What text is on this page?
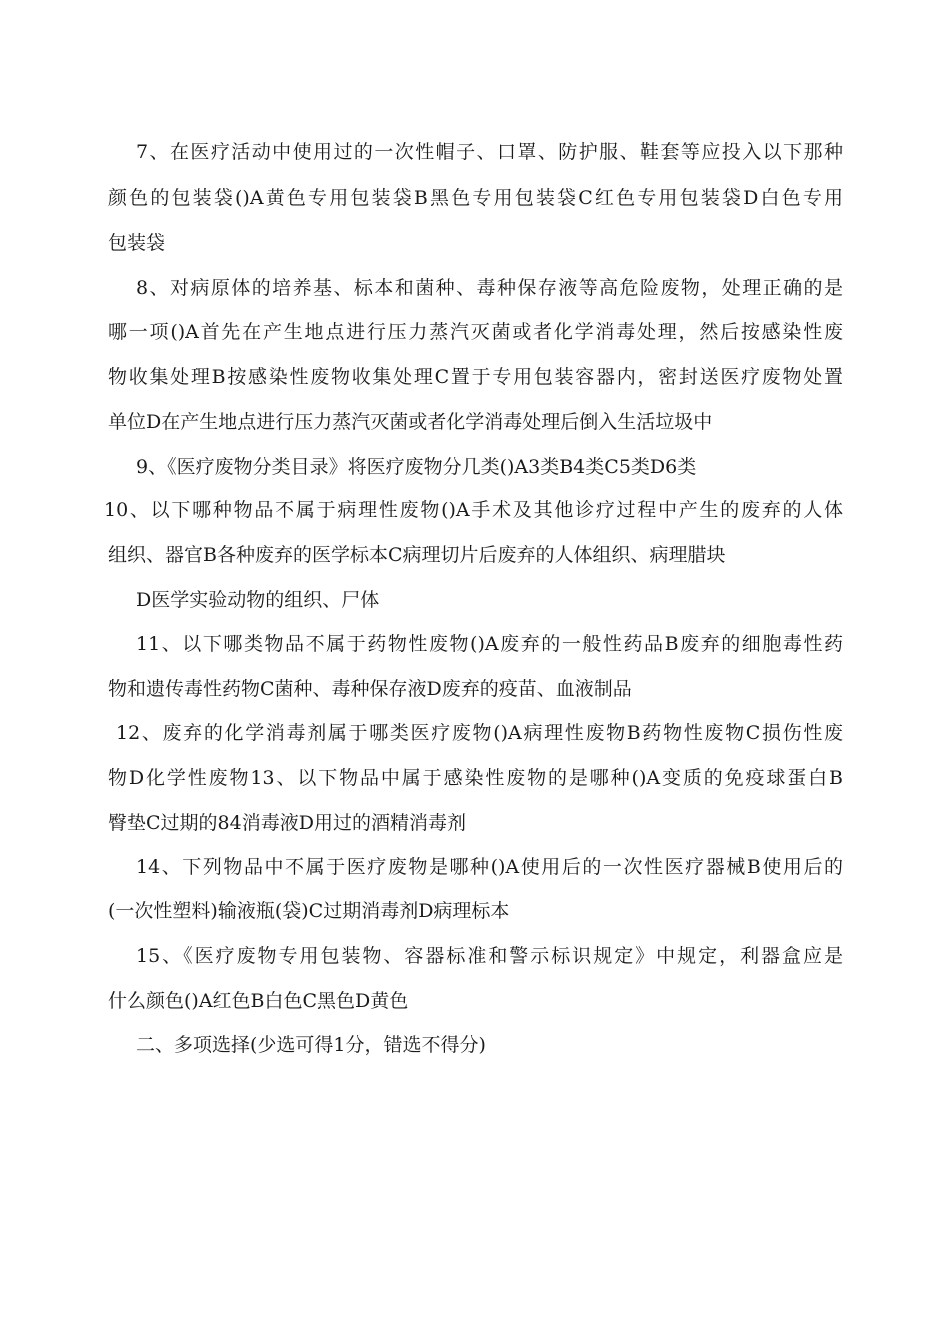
7、在医疗活动中使用过的一次性帽子、口罩、防护服、鞋套等应投入以下那种
颜色的包装袋()A黄色专用包装袋B黑色专用包装袋C红色专用包装袋D白色专用
包装袋
8、对病原体的培养基、标本和菌种、毒种保存液等高危险废物，处理正确的是
哪一项()A首先在产生地点进行压力蒸汽灭菌或者化学消毒处理，然后按感染性废
物收集处理B按感染性废物收集处理C置于专用包装容器内，密封送医疗废物处置
单位D在产生地点进行压力蒸汽灭菌或者化学消毒处理后倒入生活垃圾中
9、《医疗废物分类目录》将医疗废物分几类()A3类B4类C5类D6类
10、以下哪种物品不属于病理性废物()A手术及其他诊疗过程中产生的废弃的人体
组织、器官B各种废弃的医学标本C病理切片后废弃的人体组织、病理腊块
D医学实验动物的组织、尸体
11、以下哪类物品不属于药物性废物()A废弃的一般性药品B废弃的细胞毒性药
物和遗传毒性药物C菌种、毒种保存液D废弃的疫苗、血液制品
12、废弃的化学消毒剂属于哪类医疗废物()A病理性废物B药物性废物C损伤性废
物D化学性废物13、以下物品中属于感染性废物的是哪种()A变质的免疫球蛋白B
臀垫C过期的84消毒液D用过的酒精消毒剂
14、下列物品中不属于医疗废物是哪种()A使用后的一次性医疗器械B使用后的
(一次性塑料)输液瓶(袋)C过期消毒剂D病理标本
15、《医疗废物专用包装物、容器标准和警示标识规定》中规定，利器盒应是
什么颜色()A红色B白色C黑色D黄色
二、多项选择(少选可得1分，错选不得分)
